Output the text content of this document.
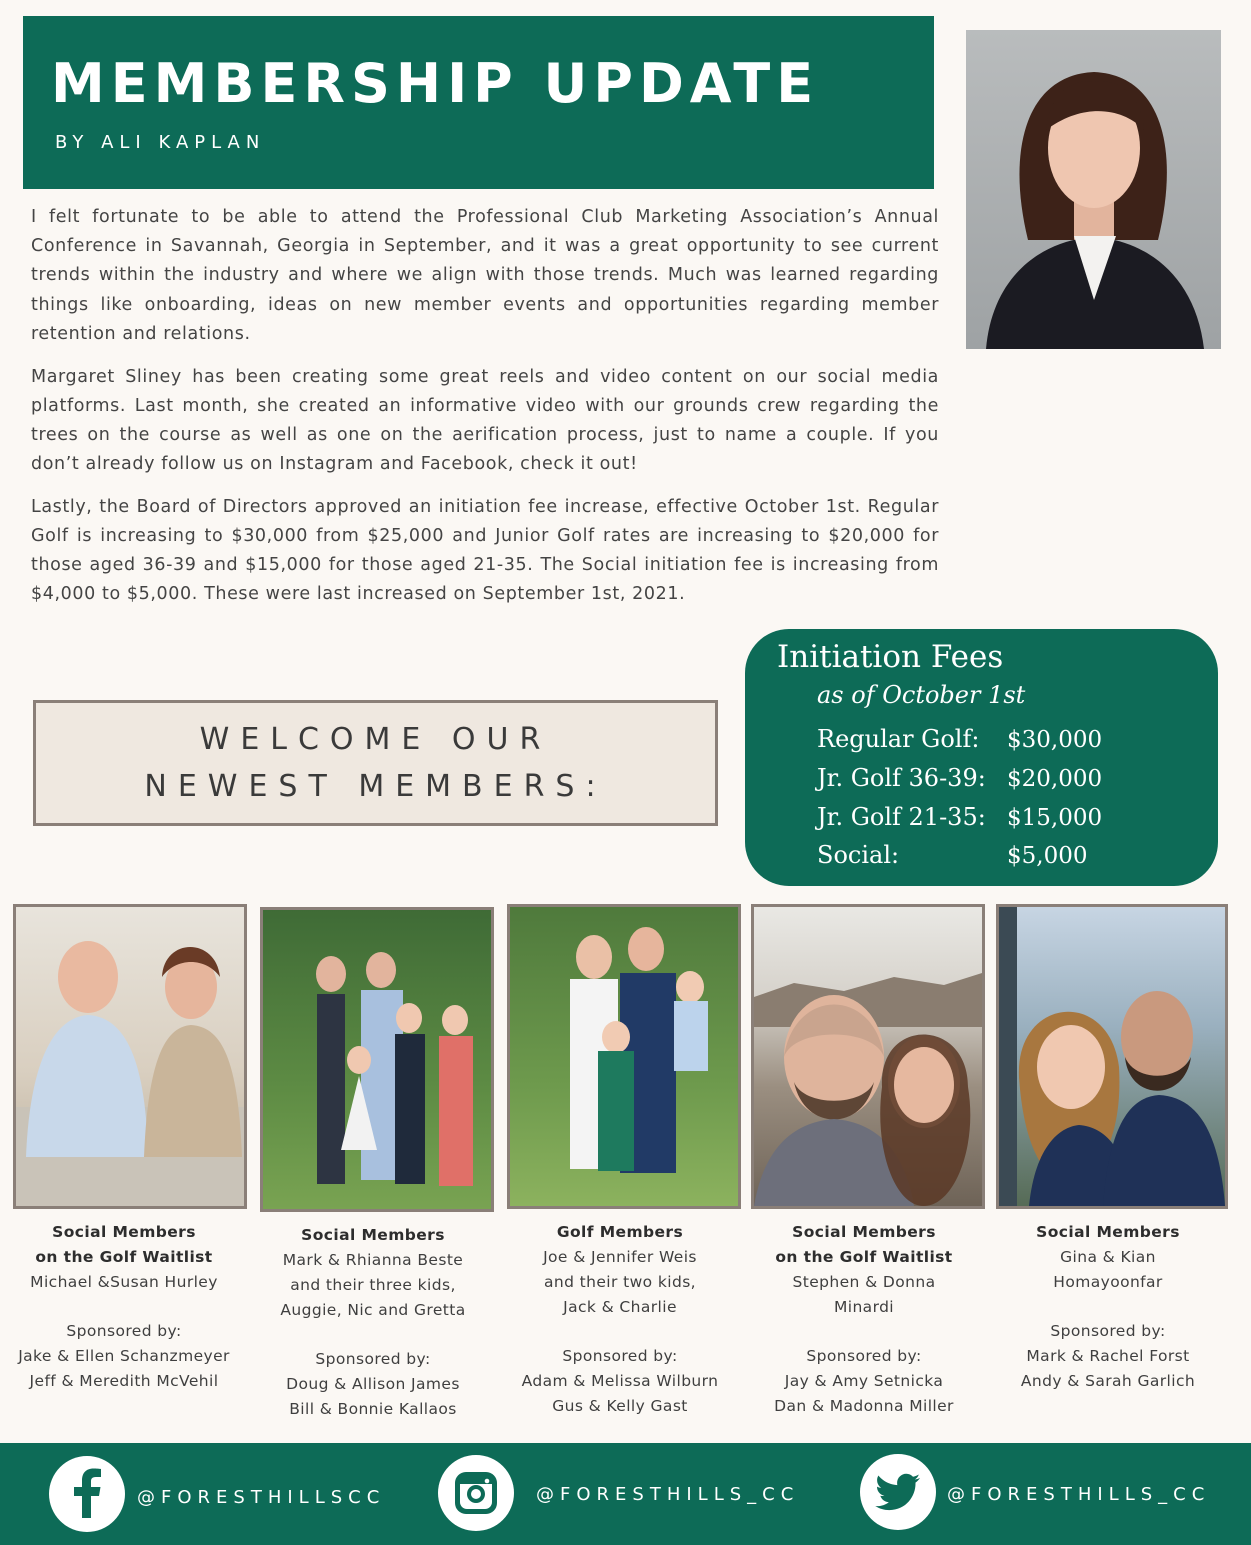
MEMBERSHIP UPDATE
BY ALI KAPLAN

I felt fortunate to be able to attend the Professional Club Marketing Association’s Annual Conference in Savannah, Georgia in September, and it was a great opportunity to see current trends within the industry and where we align with those trends. Much was learned regarding things like onboarding, ideas on new member events and opportunities regarding member retention and relations.

Margaret Sliney has been creating some great reels and video content on our social media platforms. Last month, she created an informative video with our grounds crew regarding the trees on the course as well as one on the aerification process, just to name a couple. If you don’t already follow us on Instagram and Facebook, check it out!

Lastly, the Board of Directors approved an initiation fee increase, effective October 1st. Regular Golf is increasing to $30,000 from $25,000 and Junior Golf rates are increasing to $20,000 for those aged 36-39 and $15,000 for those aged 21-35. The Social initiation fee is increasing from $4,000 to $5,000. These were last increased on September 1st, 2021.

WELCOME OUR
NEWEST MEMBERS:
Initiation Fees
as of October 1st
Regular Golf: $30,000
Jr. Golf 36-39: $20,000
Jr. Golf 21-35: $15,000
Social:	$5,000
Social Members
on the Golf Waitlist
Michael &Susan Hurley
Sponsored by:
Jake & Ellen Schanzmeyer
Jeff & Meredith McVehil
Social Members
Mark & Rhianna Beste
and their three kids,
Auggie, Nic and Gretta
Sponsored by:
Doug & Allison James
Bill & Bonnie Kallaos
Golf Members
Joe & Jennifer Weis
and their two kids,
Jack & Charlie
Sponsored by:
Adam & Melissa Wilburn
Gus & Kelly Gast
Social Members
on the Golf Waitlist
Stephen & Donna
Minardi
Sponsored by:
Jay & Amy Setnicka
Dan & Madonna Miller
Social Members
Gina & Kian
Homayoonfar
Sponsored by:
Mark & Rachel Forst
Andy & Sarah Garlich
@FORESTHILLSCC	@FORESTHILLS_CC	@FORESTHILLS_CC
